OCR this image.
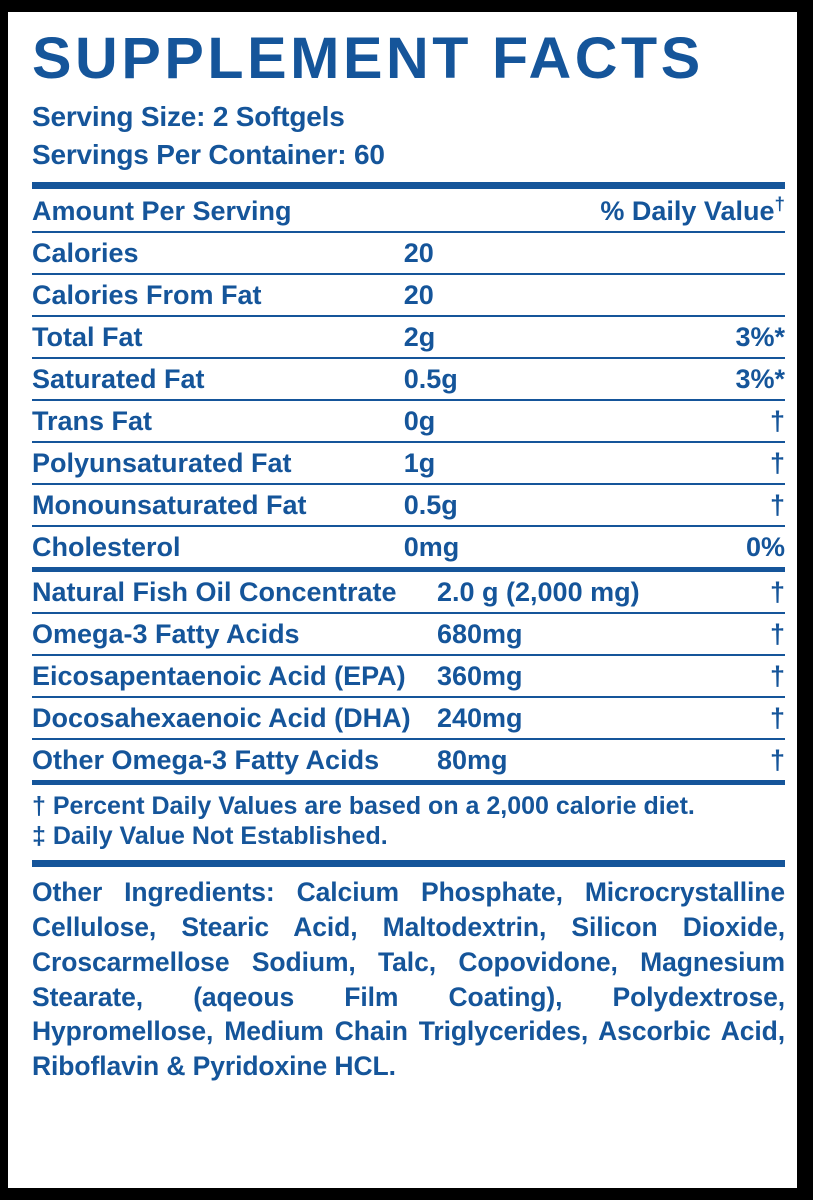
SUPPLEMENT FACTS
Serving Size: 2 Softgels
Servings Per Container: 60
Amount Per Serving		% Daily Value†
Calories	20	
Calories From Fat	20	
Total Fat	2g	3%*
Saturated Fat	0.5g	3%*
Trans Fat	0g	†
Polyunsaturated Fat	1g	†
Monounsaturated Fat	0.5g	†
Cholesterol	0mg	0%
Natural Fish Oil Concentrate	2.0 g (2,000 mg)	†
Omega-3 Fatty Acids	680mg	†
Eicosapentaenoic Acid (EPA)	360mg	†
Docosahexaenoic Acid (DHA)	240mg	†
Other Omega-3 Fatty Acids	80mg	†
† Percent Daily Values are based on a 2,000 calorie diet.
‡ Daily Value Not Established.
Other Ingredients: Calcium Phosphate, Microcrystalline Cellulose, Stearic Acid, Maltodextrin, Silicon Dioxide, Croscarmellose Sodium, Talc, Copovidone, Magnesium Stearate, (aqeous Film Coating), Polydextrose, Hypromellose, Medium Chain Triglycerides, Ascorbic Acid, Riboflavin & Pyridoxine HCL.
